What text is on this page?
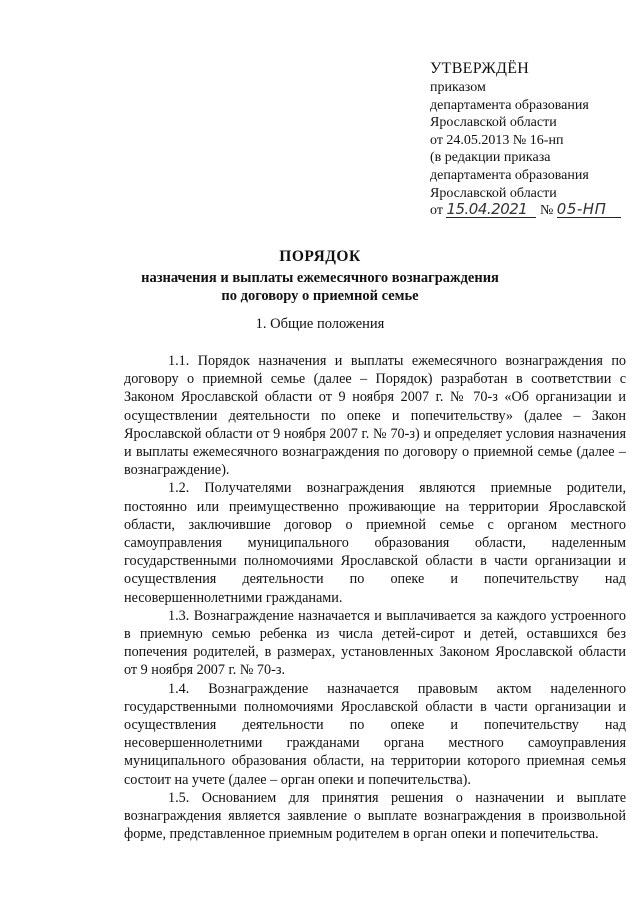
УТВЕРЖДЁН
приказом
департамента образования
Ярославской области
от 24.05.2013 № 16-нп
(в редакции приказа
департамента образования
Ярославской области
от 15.04.2021 № 05-НП
ПОРЯДОК
назначения и выплаты ежемесячного вознаграждения
по договору о приемной семье
1. Общие положения

1.1. Порядок назначения и выплаты ежемесячного вознаграждения по договору о приемной семье (далее – Порядок) разработан в соответствии с Законом Ярославской области от 9 ноября 2007 г. № 70-з «Об организации и осуществлении деятельности по опеке и попечительству» (далее – Закон Ярославской области от 9 ноября 2007 г. № 70-з) и определяет условия назначения и выплаты ежемесячного вознаграждения по договору о приемной семье (далее – вознаграждение).

1.2. Получателями вознаграждения являются приемные родители, постоянно или преимущественно проживающие на территории Ярославской области, заключившие договор о приемной семье с органом местного самоуправления муниципального образования области, наделенным государственными полномочиями Ярославской области в части организации и осуществления деятельности по опеке и попечительству над несовершеннолетними гражданами.

1.3. Вознаграждение назначается и выплачивается за каждого устроенного в приемную семью ребенка из числа детей-сирот и детей, оставшихся без попечения родителей, в размерах, установленных Законом Ярославской области от 9 ноября 2007 г. № 70-з.

1.4. Вознаграждение назначается правовым актом наделенного государственными полномочиями Ярославской области в части организации и осуществления деятельности по опеке и попечительству над несовершеннолетними гражданами органа местного самоуправления муниципального образования области, на территории которого приемная семья состоит на учете (далее – орган опеки и попечительства).

1.5. Основанием для принятия решения о назначении и выплате вознаграждения является заявление о выплате вознаграждения в произвольной форме, представленное приемным родителем в орган опеки и попечительства.
